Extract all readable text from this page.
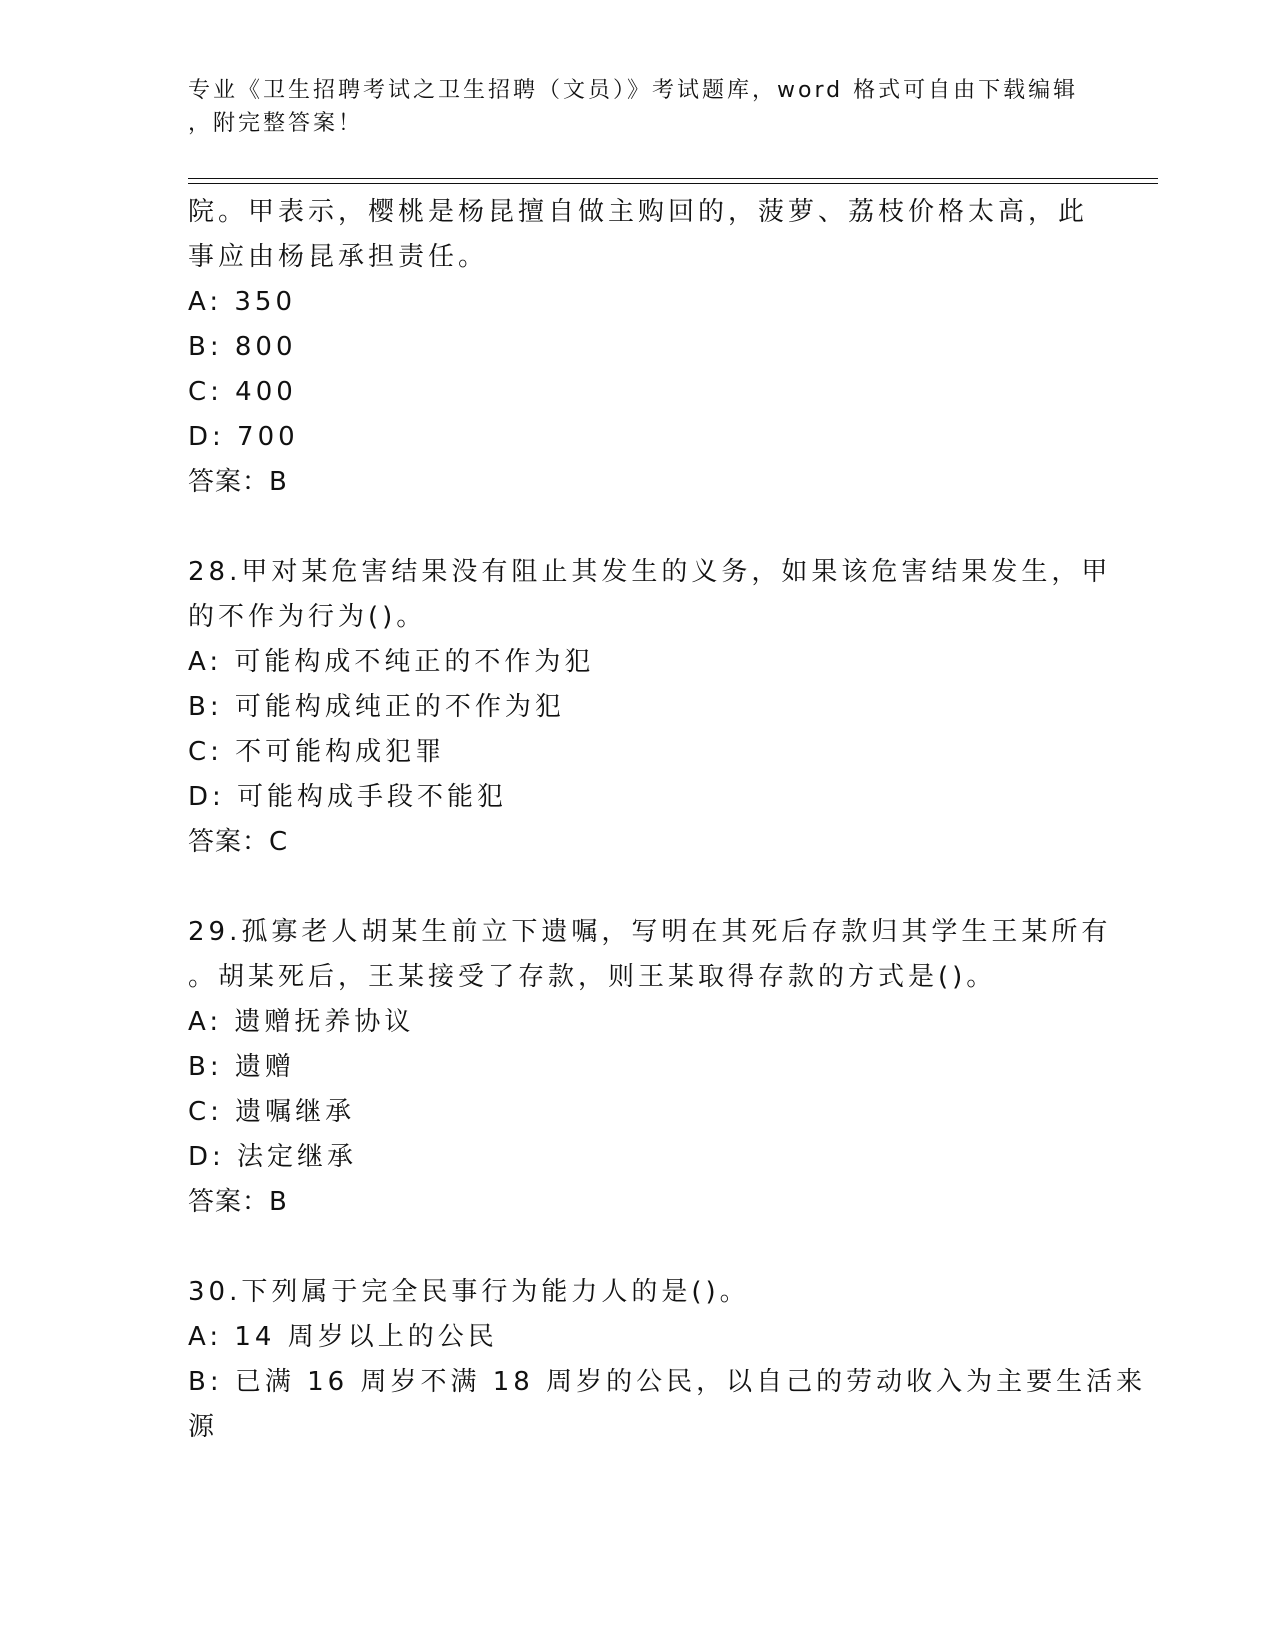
专业《卫生招聘考试之卫生招聘（文员）》考试题库，word 格式可自由下载编辑
，附完整答案！

院。甲表示，樱桃是杨昆擅自做主购回的，菠萝、荔枝价格太高，此

事应由杨昆承担责任。

A: 350

B: 800

C: 400

D: 700

答案：B

28.甲对某危害结果没有阻止其发生的义务，如果该危害结果发生，甲

的不作为行为()。

A: 可能构成不纯正的不作为犯

B: 可能构成纯正的不作为犯

C: 不可能构成犯罪

D: 可能构成手段不能犯

答案：C

29.孤寡老人胡某生前立下遗嘱，写明在其死后存款归其学生王某所有

。胡某死后，王某接受了存款，则王某取得存款的方式是()。

A: 遗赠抚养协议

B: 遗赠

C: 遗嘱继承

D: 法定继承

答案：B

30.下列属于完全民事行为能力人的是()。

A: 14 周岁以上的公民

B: 已满 16 周岁不满 18 周岁的公民，以自己的劳动收入为主要生活来

源
